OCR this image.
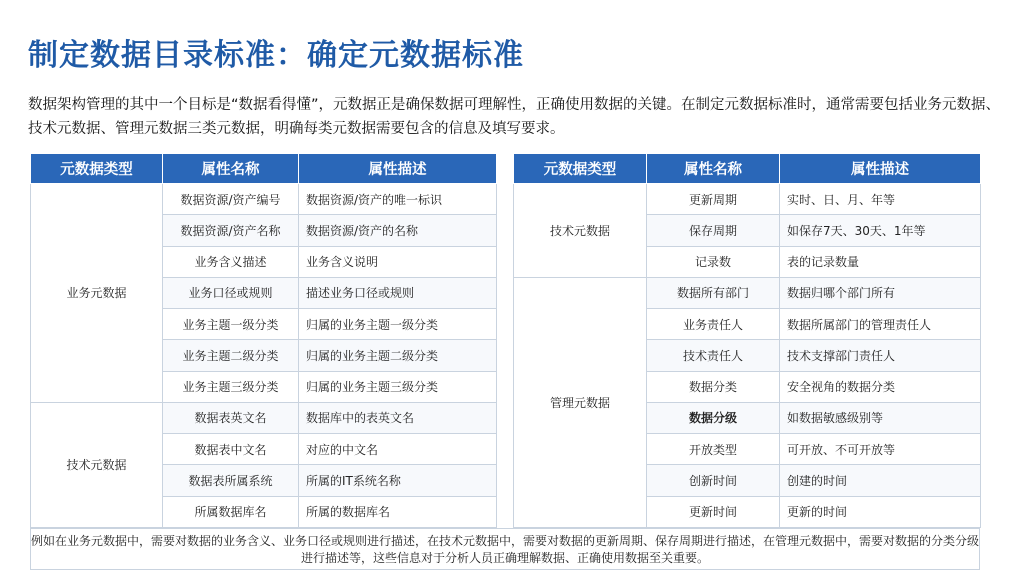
制定数据目录标准：确定元数据标准
数据架构管理的其中一个目标是“数据看得懂”，元数据正是确保数据可理解性，正确使用数据的关键。在制定元数据标准时，通常需要包括业务元数据、技术元数据、管理元数据三类元数据，明确每类元数据需要包含的信息及填写要求。
元数据类型	属性名称	属性描述
业务元数据	数据资源/资产编号	数据资源/资产的唯一标识
	数据资源/资产名称	数据资源/资产的名称
	业务含义描述	业务含义说明
	业务口径或规则	描述业务口径或规则
	业务主题一级分类	归属的业务主题一级分类
	业务主题二级分类	归属的业务主题二级分类
	业务主题三级分类	归属的业务主题三级分类
技术元数据	数据表英文名	数据库中的表英文名
	数据表中文名	对应的中文名
	数据表所属系统	所属的IT系统名称
	所属数据库名	所属的数据库名
元数据类型	属性名称	属性描述
技术元数据	更新周期	实时、日、月、年等
	保存周期	如保存7天、30天、1年等
	记录数	表的记录数量
管理元数据	数据所有部门	数据归哪个部门所有
	业务责任人	数据所属部门的管理责任人
	技术责任人	技术支撑部门责任人
	数据分类	安全视角的数据分类
	数据分级	如数据敏感级别等
	开放类型	可开放、不可开放等
	创新时间	创建的时间
	更新时间	更新的时间
例如在业务元数据中，需要对数据的业务含义、业务口径或规则进行描述，在技术元数据中，需要对数据的更新周期、保存周期进行描述，在管理元数据中，需要对数据的分类分级进行描述等，这些信息对于分析人员正确理解数据、正确使用数据至关重要。
